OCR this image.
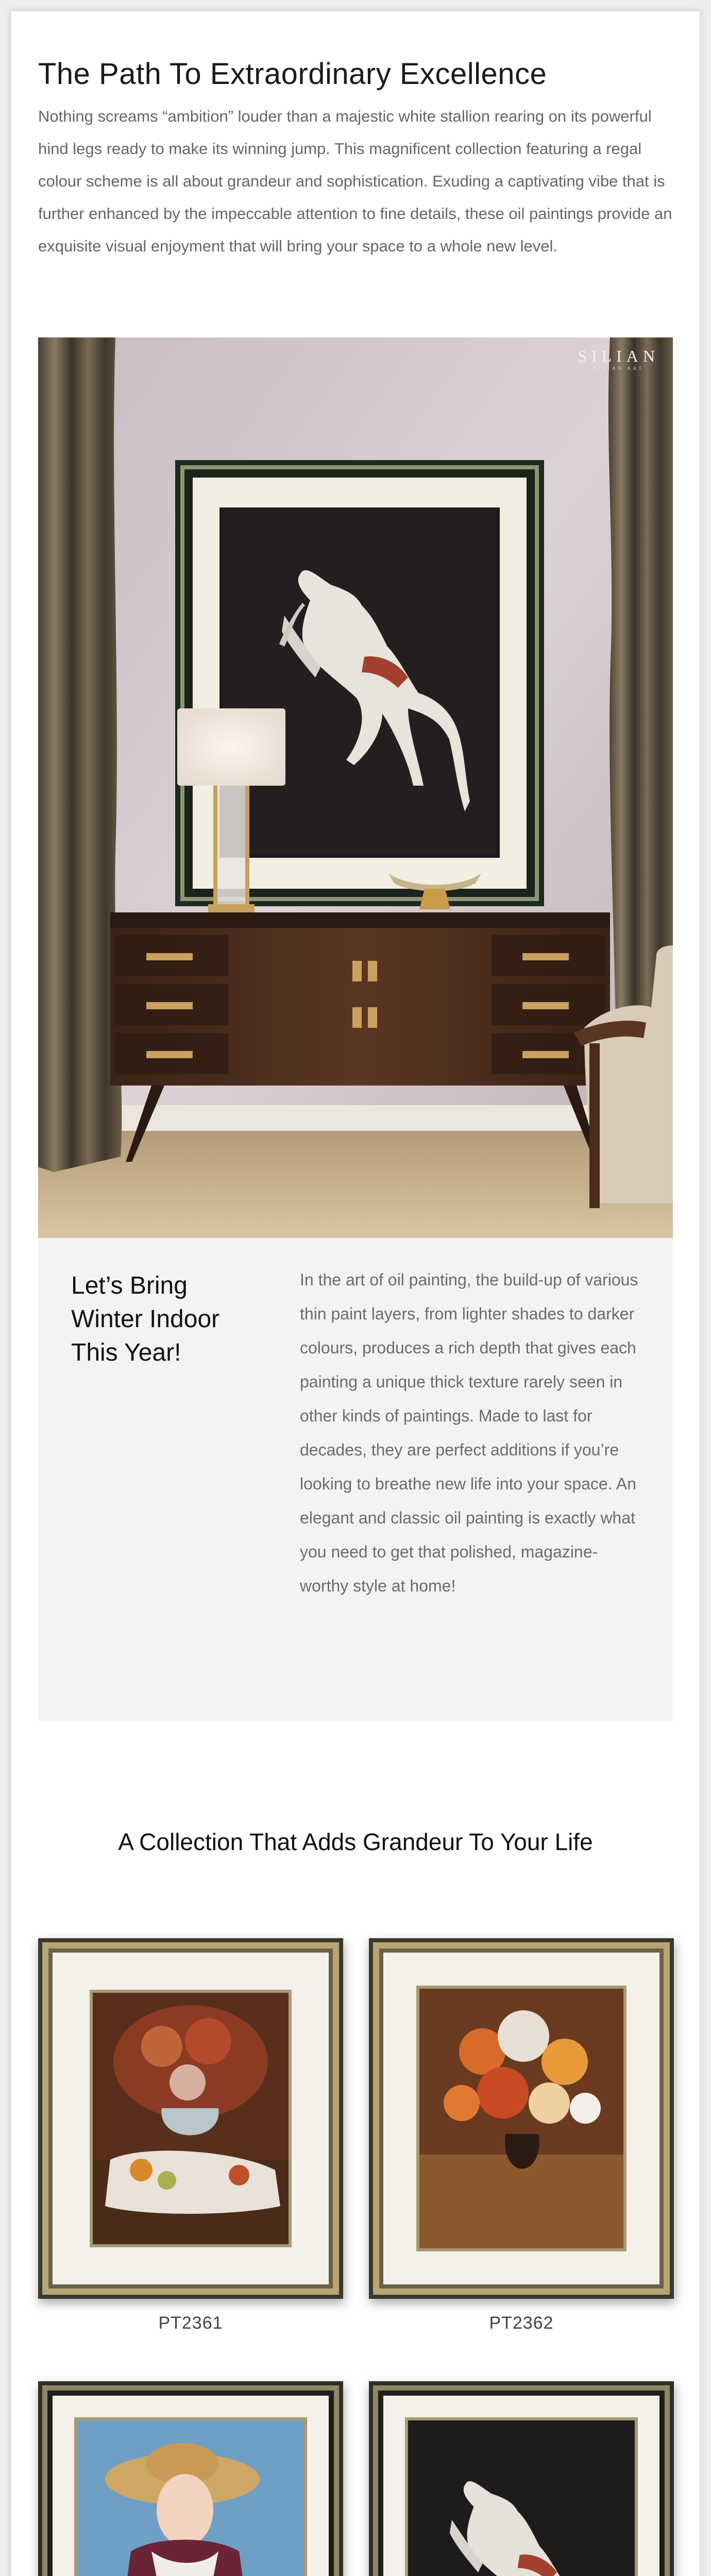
The Path To Extraordinary Excellence

Nothing screams “ambition” louder than a majestic white stallion rearing on its powerful hind legs ready to make its winning jump. This magnificent collection featuring a regal colour scheme is all about grandeur and sophistication. Exuding a captivating vibe that is further enhanced by the impeccable attention to fine details, these oil paintings provide an exquisite visual enjoyment that will bring your space to a whole new level.

SILIAN
SILIAN ART
Let’s Bring Winter Indoor This Year!

In the art of oil painting, the build-up of various thin paint layers, from lighter shades to darker colours, produces a rich depth that gives each painting a unique thick texture rarely seen in other kinds of paintings. Made to last for decades, they are perfect additions if you’re looking to breathe new life into your space. An elegant and classic oil painting is exactly what you need to get that polished, magazine-worthy style at home!

A Collection That Adds Grandeur To Your Life
PT2361	PT2362
